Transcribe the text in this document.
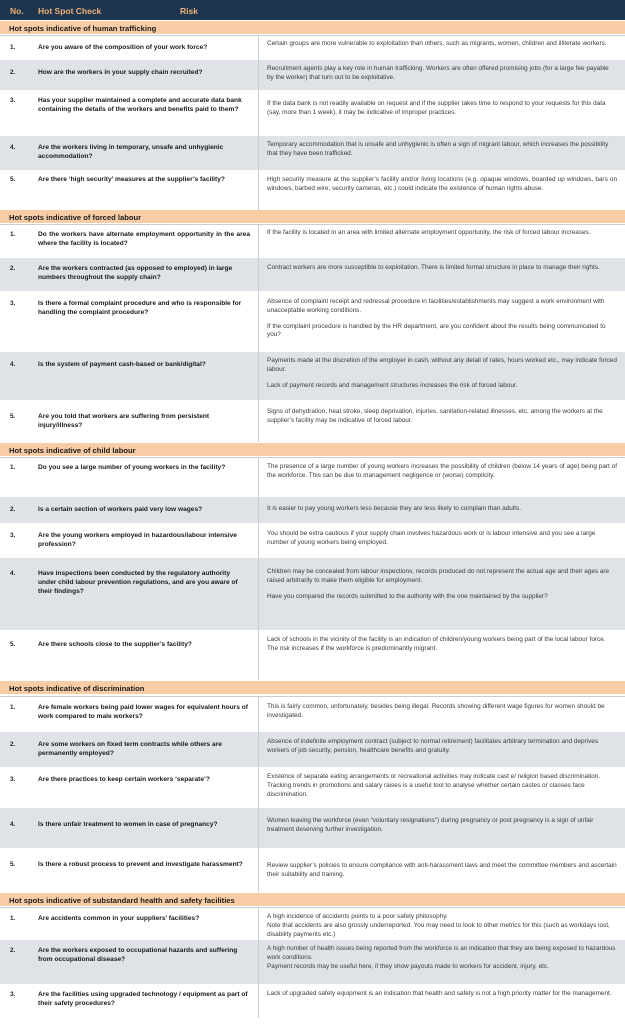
No. Hot Spot Check	Risk
Hot spots indicative of human trafficking
1.	Are you aware of the composition of your work force?

Certain groups are more vulnerable to exploitation than others, such as migrants, women, children and illiterate workers.

2.	How are the workers in your supply chain recruited?

Recruitment agents play a key role in human trafficking. Workers are often offered promising jobs (for a large fee payable by the worker) that turn out to be exploitative.

3.	Has your supplier maintained a complete and accurate data bank containing the details of the workers and benefits paid to them?

If the data bank is not readily available on request and if the supplier takes time to respond to your requests for this data (say, more than 1 week), it may be indicative of improper practices.

4.	Are the workers living in temporary, unsafe and unhygienic accommodation?

Temporary accommodation that is unsafe and unhygienic is often a sign of migrant labour, which increases the possibility that they have been trafficked.

5.	Are there ‘high security’ measures at the supplier’s facility?	High security measure at the supplier’s facility and/or living locations (e.g. opaque windows, boarded up windows, bars on windows, barbed wire, security cameras, etc.) could indicate the existence of human rights abuse.

Hot spots indicative of forced labour
1.	Do the workers have alternate employment opportunity in the area where the facility is located?

If the facility is located in an area with limited alternate employment opportunity, the risk of forced labour increases.

2.	Are the workers contracted (as opposed to employed) in large numbers throughout the supply chain?

Contract workers are more susceptible to exploitation. There is limited formal structure in place to manage their rights.

3.	Is there a formal complaint procedure and who is responsible for handling the complaint procedure?

Absence of complaint receipt and redressal procedure in facilities/establishments may suggest a work environment with unacceptable working conditions.

If the complaint procedure is handled by the HR department, are you confident about the results being communicated to you?

4.	Is the system of payment cash-based or bank/digital?

Payments made at the discretion of the employer in cash, without any detail of rates, hours worked etc., may indicate forced labour.

Lack of payment records and management structures increases the risk of forced labour.

5.	Are you told that workers are suffering from persistent injury/illness?

Signs of dehydration, heat stroke, sleep deprivation, injuries, sanitation-related illnesses, etc. among the workers at the supplier’s facility may be indicative of forced labour.

Hot spots indicative of child labour
1.	Do you see a large number of young workers in the facility?	The presence of a large number of young workers increases the possibility of children (below 14 years of age) being part of the workforce. This can be due to management negligence or (worse) complicity.

2.	Is a certain section of workers paid very low wages?	It is easier to pay young workers less because they are less likely to complain than adults.

3.	Are the young workers employed in hazardous/labour intensive profession?

You should be extra cautious if your supply chain involves hazardous work or is labour intensive and you see a large number of young workers being employed.

4.	Have inspections been conducted by the regulatory authority under child labour prevention regulations, and are you aware of their findings?

Children may be concealed from labour inspections, records produced do not represent the actual age and their ages are raised arbitrarily to make them eligible for employment.

Have you compared the records submitted to the authority with the one maintained by the supplier?

5.	Are there schools close to the supplier’s facility?

Lack of schools in the vicinity of the facility is an indication of children/young workers being part of the local labour force. The risk increases if the workforce is predominantly migrant.

Hot spots indicative of discrimination
1.	Are female workers being paid lower wages for equivalent hours of work compared to male workers?

This is fairly common, unfortunately, besides being illegal. Records showing different wage figures for women should be investigated.

2.	Are some workers on fixed term contracts while others are permanently employed?

Absence of indefinite employment contract (subject to normal retirement) facilitates arbitrary termination and deprives workers of job security, pension, healthcare benefits and gratuity.

3.	Are there practices to keep certain workers ‘separate’?	Existence of separate eating arrangements or recreational activities may indicate cast e/ religion based discrimination. Tracking trends in promotions and salary raises is a useful tool to analyse whether certain castes or classes face discrimination.

4.	Is there unfair treatment to women in case of pregnancy?

Women leaving the workforce (even “voluntary resignations”) during pregnancy or post pregnancy is a sign of unfair treatment deserving further investigation.

5.	Is there a robust process to prevent and investigate harassment?	Review supplier’s policies to ensure compliance with anti-harassment laws and meet the committee members and ascertain their suitability and training.

Hot spots indicative of substandard health and safety facilities
1.	Are accidents common in your suppliers’ facilities?	A high incidence of accidents points to a poor safety philosophy.
Note that accidents are also grossly underreported. You may need to look to other metrics for this (such as workdays lost, disability payments etc.)

2.	Are the workers exposed to occupational hazards and suffering from occupational disease?

A high number of health issues being reported from the workforce is an indication that they are being exposed to hazardous work conditions.
Payment records may be useful here, if they show payouts made to workers for accident, injury, etc.

3.	Are the facilities using upgraded technology / equipment as part of their safety procedures?

Lack of upgraded safety equipment is an indication that health and safety is not a high priority matter for the management.
